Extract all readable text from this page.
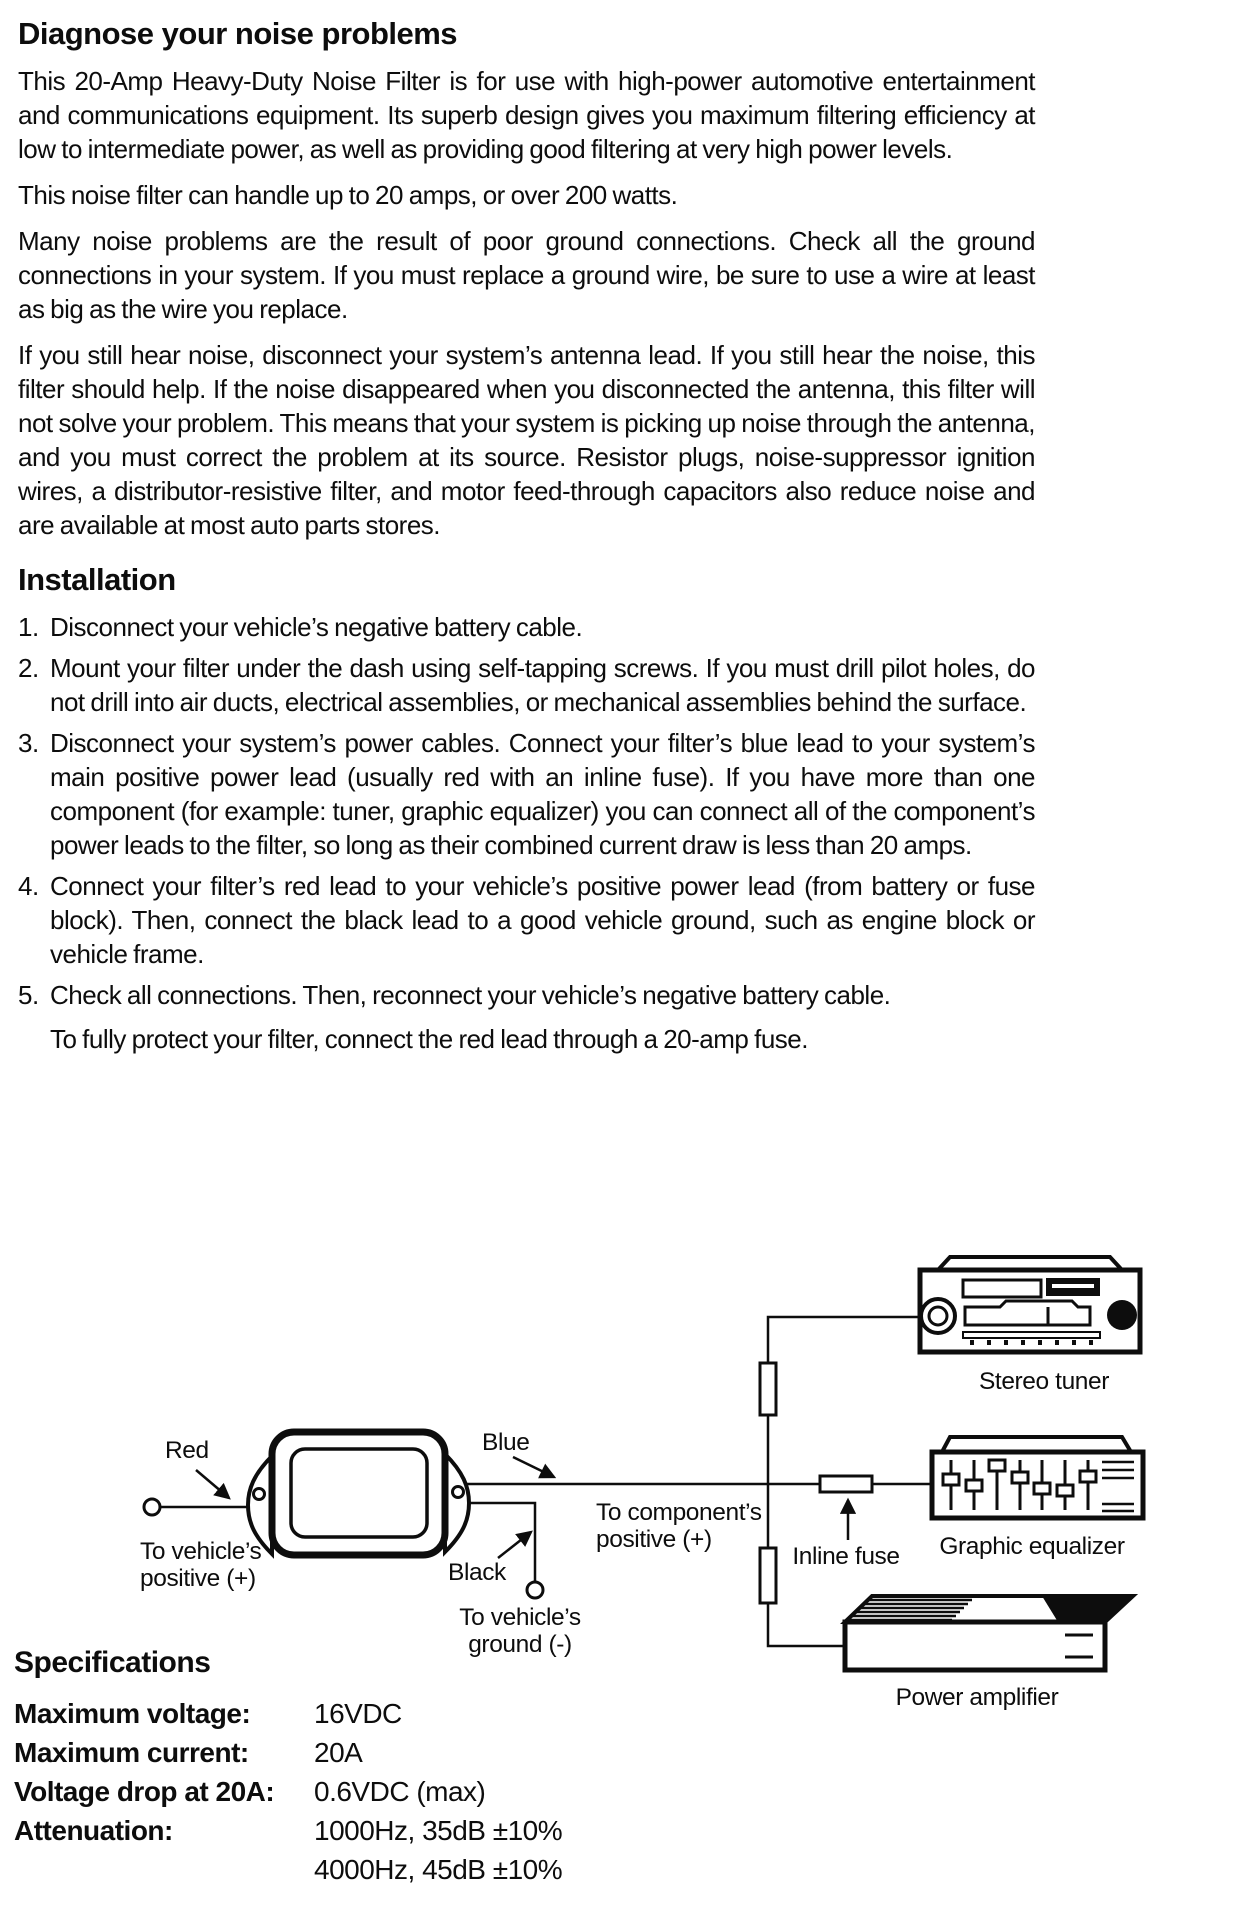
Diagnose your noise problems

This 20-Amp Heavy-Duty Noise Filter is for use with high-power automotive entertainment and communications equipment. Its superb design gives you maximum filtering efficiency at low to intermediate power, as well as providing good filtering at very high power levels.

This noise filter can handle up to 20 amps, or over 200 watts.

Many noise problems are the result of poor ground connections. Check all the ground connections in your system. If you must replace a ground wire, be sure to use a wire at least as big as the wire you replace.

If you still hear noise, disconnect your system’s antenna lead. If you still hear the noise, this filter should help. If the noise disappeared when you disconnected the antenna, this filter will not solve your problem. This means that your system is picking up noise through the antenna, and you must correct the problem at its source. Resistor plugs, noise-suppressor ignition wires, a distributor-resistive filter, and motor feed-through capacitors also reduce noise and are available at most auto parts stores.

Installation
1. Disconnect your vehicle’s negative battery cable.
2. Mount your filter under the dash using self-tapping screws. If you must drill pilot holes, do not drill into air ducts, electrical assemblies, or mechanical assemblies behind the surface.
3. Disconnect your system’s power cables. Connect your filter’s blue lead to your system’s main positive power lead (usually red with an inline fuse). If you have more than one component (for example: tuner, graphic equalizer) you can connect all of the component’s power leads to the filter, so long as their combined current draw is less than 20 amps.
4. Connect your filter’s red lead to your vehicle’s positive power lead (from battery or fuse block). Then, connect the black lead to a good vehicle ground, such as engine block or vehicle frame.
5. Check all connections. Then, reconnect your vehicle’s negative battery cable.

To fully protect your filter, connect the red lead through a 20-amp fuse.

Red	Blue
Black
To vehicle’s
positive (+)
To component’s
positive (+)
To vehicle’s
ground (-)
Inline fuse
Stereo tuner
Graphic equalizer
Power amplifier
Specifications
Maximum voltage:	16VDC
Maximum current:	20A
Voltage drop at 20A:	0.6VDC (max)
Attenuation:	1000Hz, 35dB ±10%
4000Hz, 45dB ±10%
